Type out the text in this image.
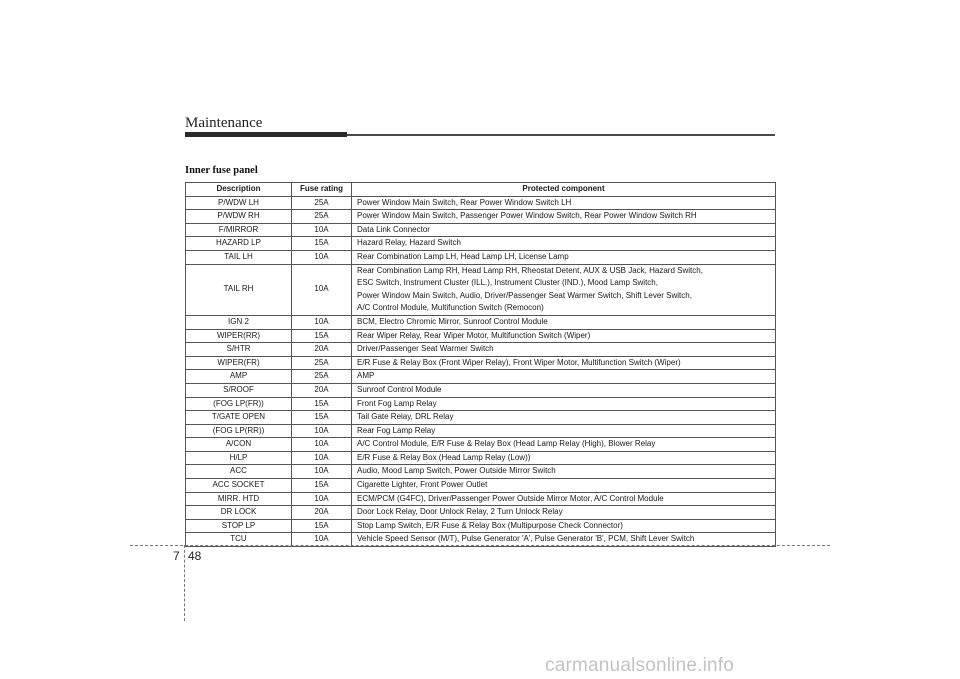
Maintenance
Inner fuse panel
Description	Fuse rating	Protected component
P/WDW LH	25A	Power Window Main Switch, Rear Power Window Switch LH

P/WDW RH	25A	Power Window Main Switch, Passenger Power Window Switch, Rear Power Window Switch RH

F/MIRROR	10A	Data Link Connector

HAZARD LP	15A	Hazard Relay, Hazard Switch

TAIL LH	10A	Rear Combination Lamp LH, Head Lamp LH, License Lamp

TAIL RH	10A	Rear Combination Lamp RH, Head Lamp RH, Rheostat Detent, AUX & USB Jack, Hazard Switch,
ESC Switch, Instrument Cluster (ILL.), Instrument Cluster (IND.), Mood Lamp Switch,
Power Window Main Switch, Audio, Driver/Passenger Seat Warmer Switch, Shift Lever Switch,
A/C Control Module, Multifunction Switch (Remocon)

IGN 2	10A	BCM, Electro Chromic Mirror, Sunroof Control Module

WIPER(RR)	15A	Rear Wiper Relay, Rear Wiper Motor, Multifunction Switch (Wiper)

S/HTR	20A	Driver/Passenger Seat Warmer Switch

WIPER(FR)	25A	E/R Fuse & Relay Box (Front Wiper Relay), Front Wiper Motor, Multifunction Switch (Wiper)

AMP	25A	AMP

S/ROOF	20A	Sunroof Control Module

(FOG LP(FR))	15A	Front Fog Lamp Relay

T/GATE OPEN	15A	Tail Gate Relay, DRL Relay

(FOG LP(RR))	10A	Rear Fog Lamp Relay

A/CON	10A	A/C Control Module, E/R Fuse & Relay Box (Head Lamp Relay (High), Blower Relay

H/LP	10A	E/R Fuse & Relay Box (Head Lamp Relay (Low))

ACC	10A	Audio, Mood Lamp Switch, Power Outside Mirror Switch

ACC SOCKET	15A	Cigarette Lighter, Front Power Outlet

MIRR. HTD	10A	ECM/PCM (G4FC), Driver/Passenger Power Outside Mirror Motor, A/C Control Module

DR LOCK	20A	Door Lock Relay, Door Unlock Relay, 2 Turn Unlock Relay

STOP LP	15A	Stop Lamp Switch, E/R Fuse & Relay Box (Multipurpose Check Connector)

TCU	10A	Vehicle Speed Sensor (M/T), Pulse Generator 'A', Pulse Generator 'B', PCM, Shift Lever Switch
7 48
carmanualsonline.info
